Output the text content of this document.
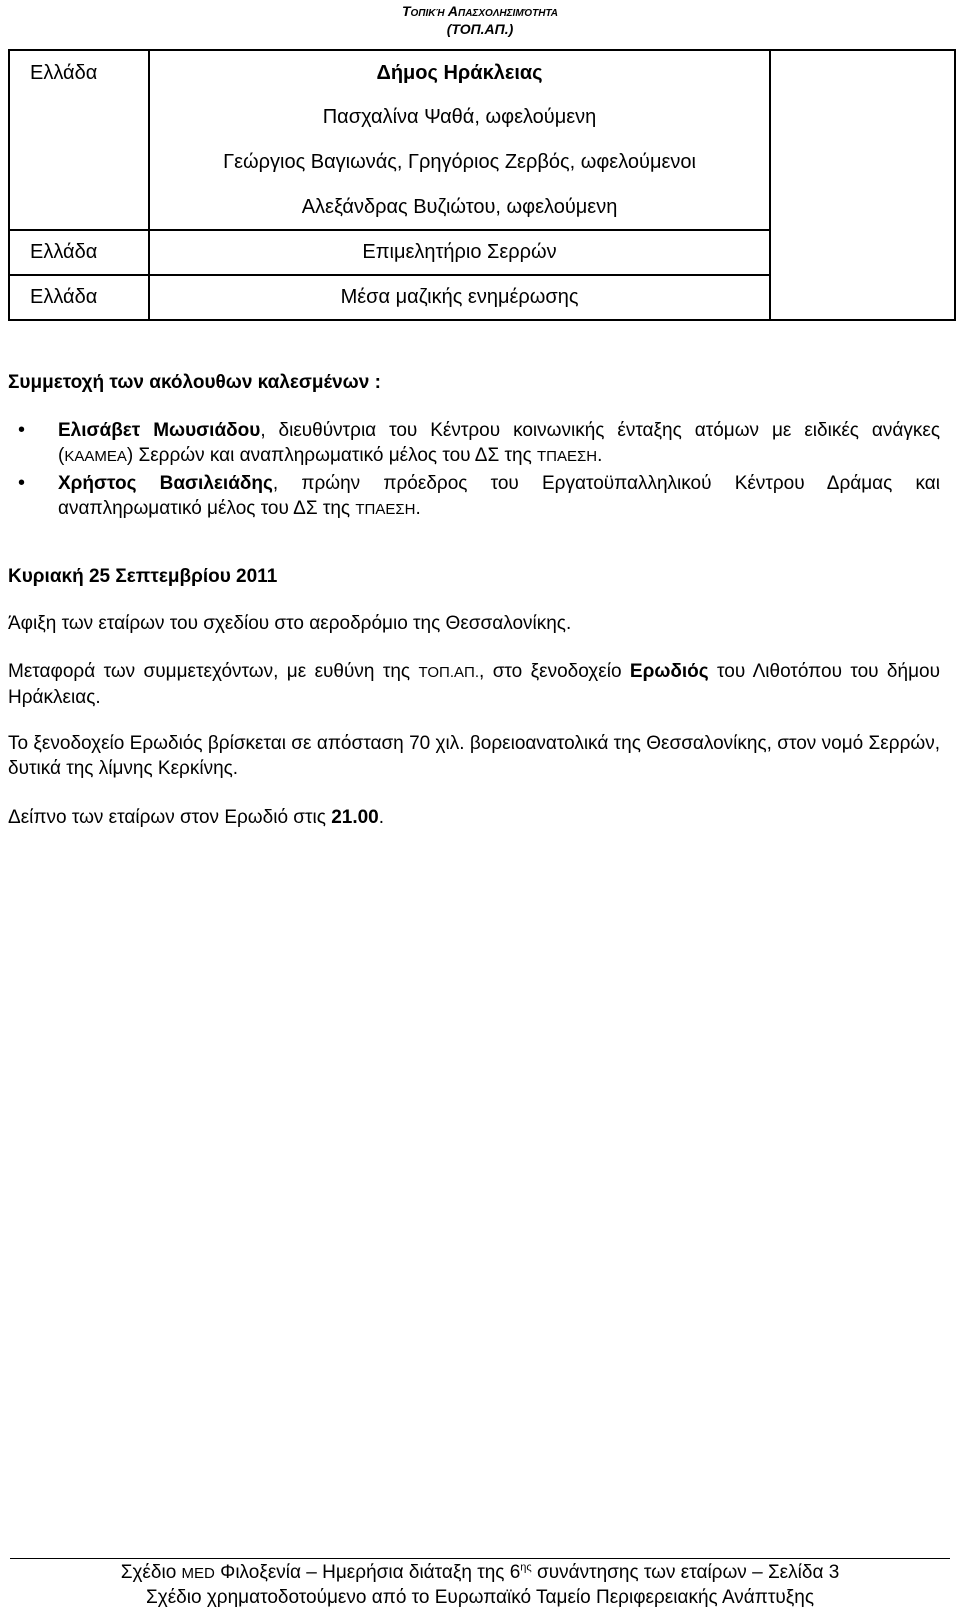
Τοπική Απασχολησιμότητα
(ΤΟΠ.ΑΠ.)
Ελλάδα	Δήμος Ηράκλειας	
	Πασχαλίνα Ψαθά, ωφελούμενη	
	Γεώργιος Βαγιωνάς, Γρηγόριος Ζερβός, ωφελούμενοι	
	Αλεξάνδρας Βυζιώτου, ωφελούμενη	
Ελλάδα	Επιμελητήριο Σερρών	
Ελλάδα	Μέσα μαζικής ενημέρωσης	
Συμμετοχή των ακόλουθων καλεσμένων :
• Ελισάβετ Μωυσιάδου, διευθύντρια του Κέντρου κοινωνικής ένταξης ατόμων με ειδικές ανάγκες (ΚΑΑΜΕΑ) Σερρών και αναπληρωματικό μέλος του ΔΣ της ΤΠΑΕΣΗ.
• Χρήστος Βασιλειάδης, πρώην πρόεδρος του Εργατοϋπαλληλικού Κέντρου Δράμας και αναπληρωματικό μέλος του ΔΣ της ΤΠΑΕΣΗ.
Κυριακή 25 Σεπτεμβρίου 2011
Άφιξη των εταίρων του σχεδίου στο αεροδρόμιο της Θεσσαλονίκης.
Μεταφορά των συμμετεχόντων, με ευθύνη της ΤΟΠ.ΑΠ., στο ξενοδοχείο Ερωδιός του Λιθοτόπου του δήμου Ηράκλειας.
Το ξενοδοχείο Ερωδιός βρίσκεται σε απόσταση 70 χιλ. βορειοανατολικά της Θεσσαλονίκης, στον νομό Σερρών, δυτικά της λίμνης Κερκίνης.
Δείπνο των εταίρων στον Ερωδιό στις 21.00.
Σχέδιο MED Φιλοξενία – Ημερήσια διάταξη της $6^{\eta\varsigma}$ συνάντησης των εταίρων – Σελίδα 3
Σχέδιο χρηματοδοτούμενο από το Ευρωπαϊκό Ταμείο Περιφερειακής Ανάπτυξης
